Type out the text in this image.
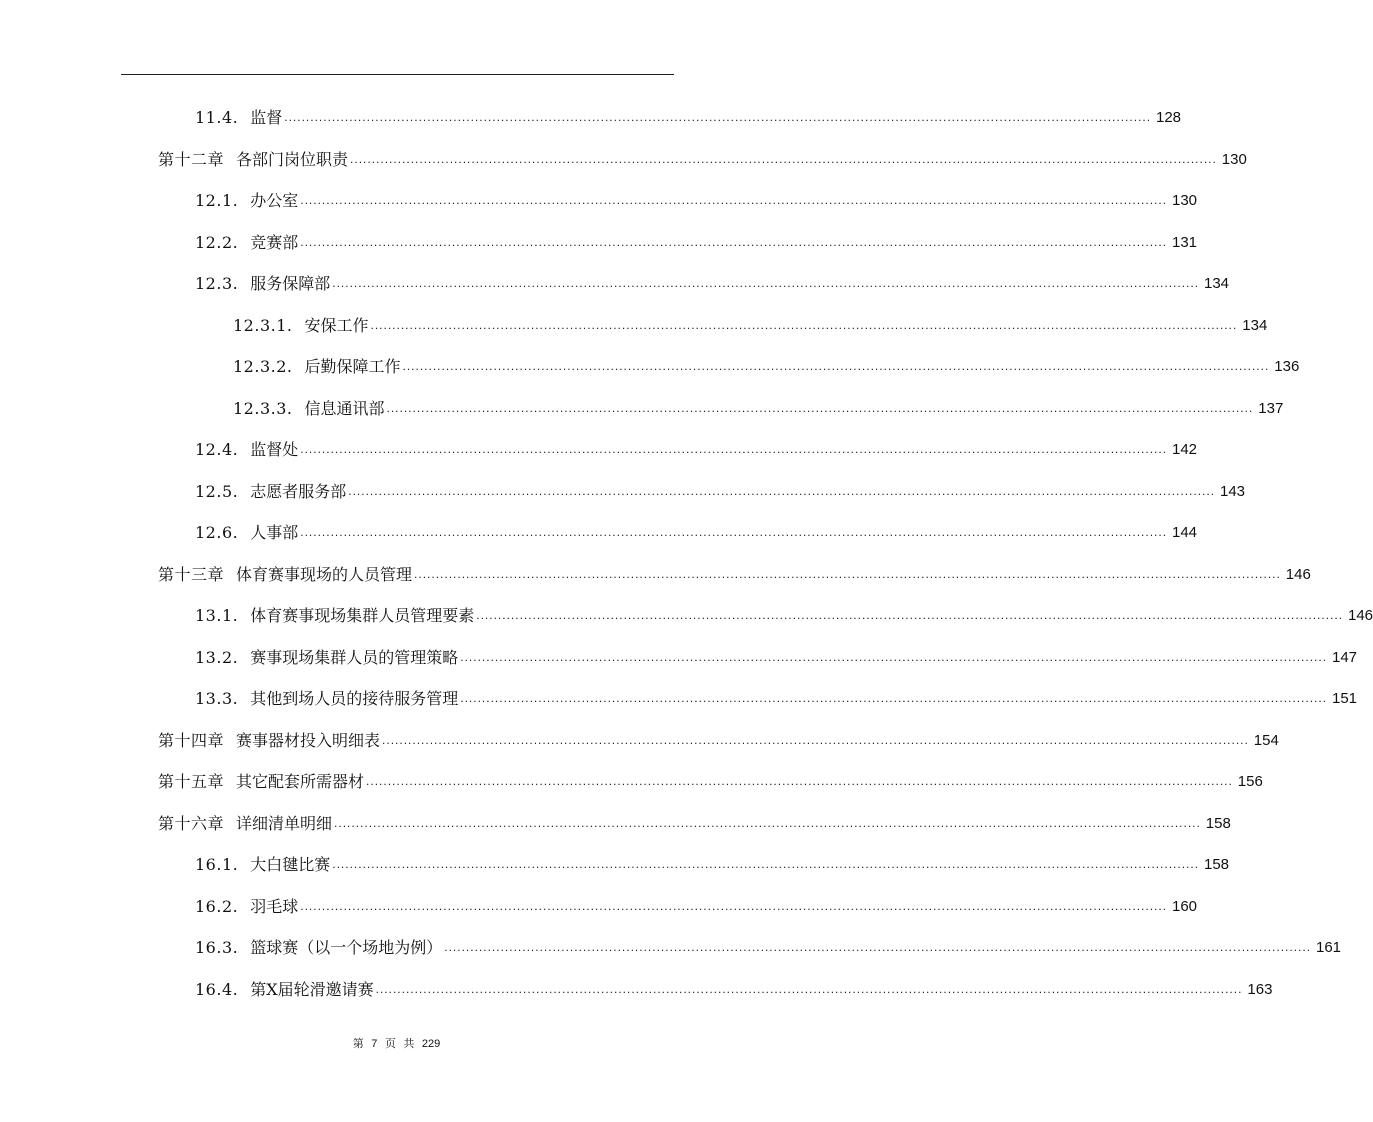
11.4. 监督 ........................................................................................................................................................................................................ 128
第十二章 各部门岗位职责 ........................................................................................................................................................................................................ 130
12.1. 办公室 ........................................................................................................................................................................................................ 130
12.2. 竞赛部 ........................................................................................................................................................................................................ 131
12.3. 服务保障部 ........................................................................................................................................................................................................ 134
12.3.1. 安保工作 ........................................................................................................................................................................................................ 134
12.3.2. 后勤保障工作 ........................................................................................................................................................................................................ 136
12.3.3. 信息通讯部 ........................................................................................................................................................................................................ 137
12.4. 监督处 ........................................................................................................................................................................................................ 142
12.5. 志愿者服务部 ........................................................................................................................................................................................................ 143
12.6. 人事部 ........................................................................................................................................................................................................ 144
第十三章 体育赛事现场的人员管理 ........................................................................................................................................................................................................ 146
13.1. 体育赛事现场集群人员管理要素 ........................................................................................................................................................................................................ 146
13.2. 赛事现场集群人员的管理策略 ........................................................................................................................................................................................................ 147
13.3. 其他到场人员的接待服务管理 ........................................................................................................................................................................................................ 151
第十四章 赛事器材投入明细表 ........................................................................................................................................................................................................ 154
第十五章 其它配套所需器材 ........................................................................................................................................................................................................ 156
第十六章 详细清单明细 ........................................................................................................................................................................................................ 158
16.1. 大白毽比赛 ........................................................................................................................................................................................................ 158
16.2. 羽毛球 ........................................................................................................................................................................................................ 160
16.3. 篮球赛（以一个场地为例） ........................................................................................................................................................................................................ 161
16.4. 第X届轮滑邀请赛 ........................................................................................................................................................................................................ 163
第 7 页 共 229
